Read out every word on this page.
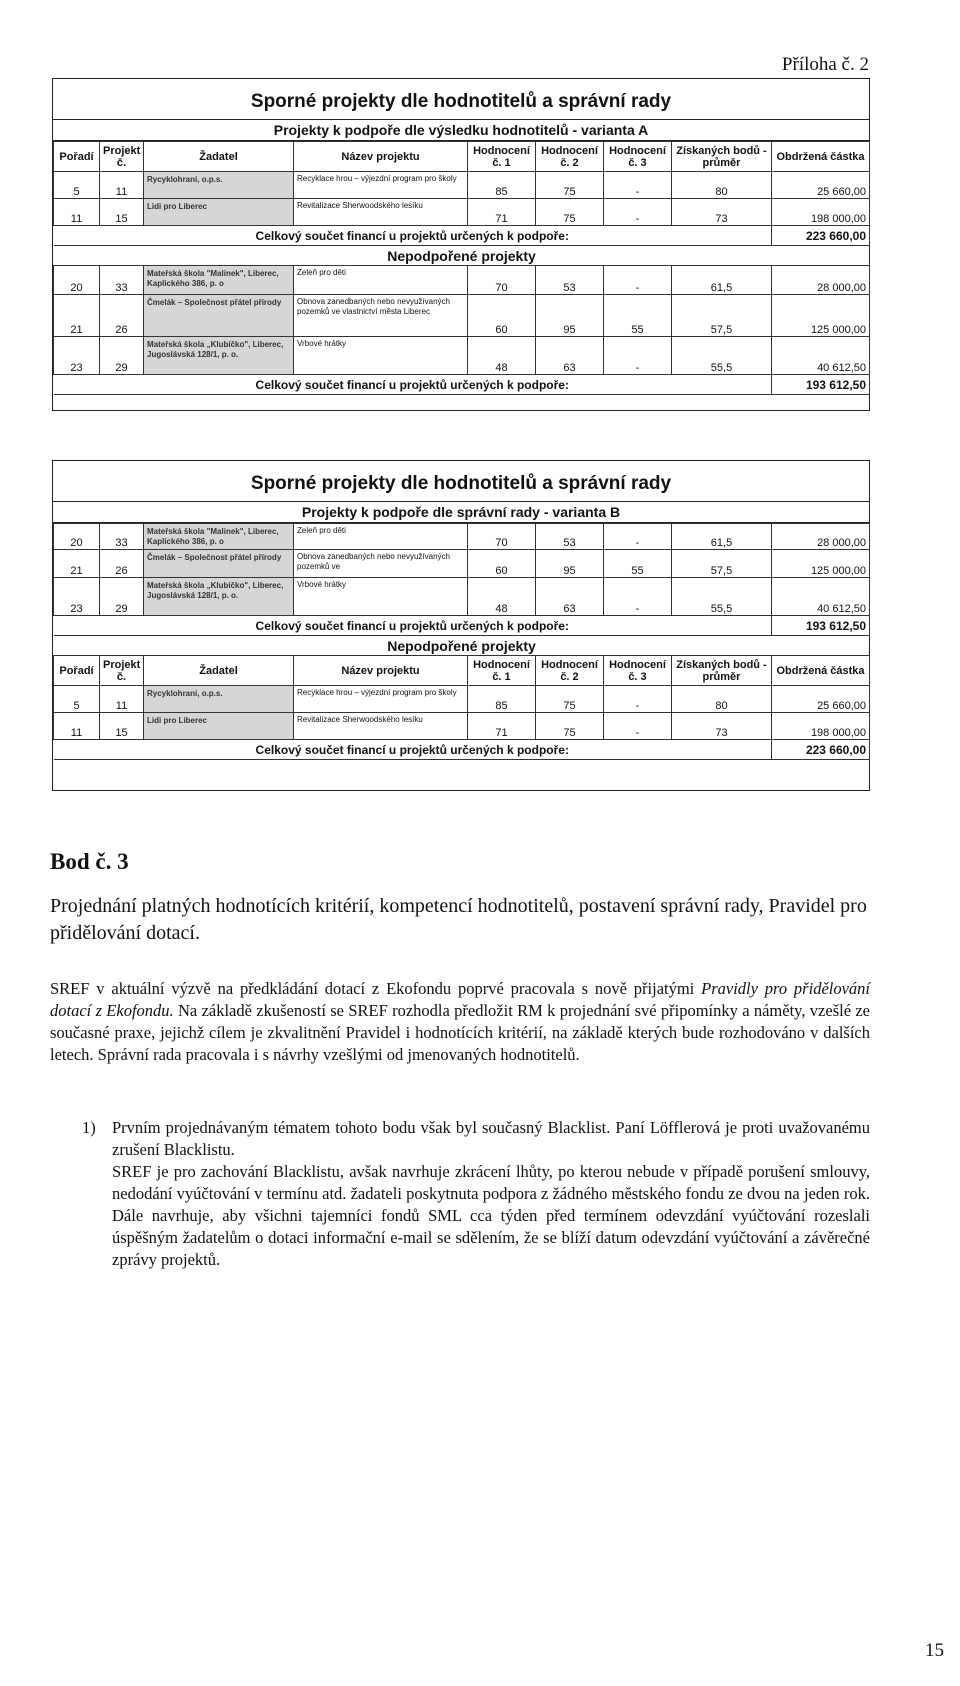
Příloha č. 2
Sporné projekty dle hodnotitelů a správní rady
Projekty k podpoře dle výsledku hodnotitelů - varianta A
Pořadí	Projekt č.	Žadatel	Název projektu	Hodnocení č. 1	Hodnocení č. 2	Hodnocení č. 3	Získaných bodů - průměr	Obdržená částka
5	11	Rycyklohrani, o.p.s.	Recyklace hrou – výjezdní program pro školy	85	75	-	80	25 660,00
11	15	Lidi pro Liberec	Revitalizace Sherwoodského lesíku	71	75	-	73	198 000,00
Celkový součet financí u projektů určených k podpoře:								223 660,00
Nepodpořené projekty								
20	33	Mateřská škola "Malinek", Liberec, Kaplického 386, p. o	Zeleň pro děti	70	53	-	61,5	28 000,00
21	26	Čmelák – Společnost přátel přírody	Obnova zanedbaných nebo nevyužívaných pozemků ve vlastnictví města Liberec	60	95	55	57,5	125 000,00
23	29	Mateřská škola „Klubíčko", Liberec, Jugoslávská 128/1, p. o.	Vrbové hrátky	48	63	-	55,5	40 612,50
Celkový součet financí u projektů určených k podpoře:								193 612,50
Sporné projekty dle hodnotitelů a správní rady
Projekty k podpoře dle správní rady - varianta B
20	33	Mateřská škola "Malinek", Liberec, Kaplického 386, p. o	Zeleň pro děti	70	53	-	61,5	28 000,00
21	26	Čmelák – Společnost přátel přírody	Obnova zanedbaných nebo nevyužívaných pozemků ve	60	95	55	57,5	125 000,00
23	29	Mateřská škola „Klubíčko", Liberec, Jugoslávská 128/1, p. o.	Vrbové hrátky	48	63	-	55,5	40 612,50
Celkový součet financí u projektů určených k podpoře:								193 612,50
Nepodpořené projekty								
Pořadí	Projekt č.	Žadatel	Název projektu	Hodnocení č. 1	Hodnocení č. 2	Hodnocení č. 3	Získaných bodů - průměr	Obdržená částka
5	11	Rycyklohrani, o.p.s.	Recyklace hrou – výjezdní program pro školy	85	75	-	80	25 660,00
11	15	Lidi pro Liberec	Revitalizace Sherwoodského lesíku	71	75	-	73	198 000,00
Celkový součet financí u projektů určených k podpoře:								223 660,00
Bod č. 3
Projednání platných hodnotících kritérií, kompetencí hodnotitelů, postavení správní rady, Pravidel pro přidělování dotací.
SREF v aktuální výzvě na předkládání dotací z Ekofondu poprvé pracovala s nově přijatými Pravidly pro přidělování dotací z Ekofondu. Na základě zkušeností se SREF rozhodla předložit RM k projednání své připomínky a náměty, vzešlé ze současné praxe, jejichž cílem je zkvalitnění Pravidel i hodnotících kritérií, na základě kterých bude rozhodováno v dalších letech. Správní rada pracovala i s návrhy vzešlými od jmenovaných hodnotitelů.
1) Prvním projednávaným tématem tohoto bodu však byl současný Blacklist. Paní Löfflerová je proti uvažovanému zrušení Blacklistu.
SREF je pro zachování Blacklistu, avšak navrhuje zkrácení lhůty, po kterou nebude v případě porušení smlouvy, nedodání vyúčtování v termínu atd. žadateli poskytnuta podpora z žádného městského fondu ze dvou na jeden rok. Dále navrhuje, aby všichni tajemníci fondů SML cca týden před termínem odevzdání vyúčtování rozeslali úspěšným žadatelům o dotaci informační e-mail se sdělením, že se blíží datum odevzdání vyúčtování a závěrečné zprávy projektů.
15
